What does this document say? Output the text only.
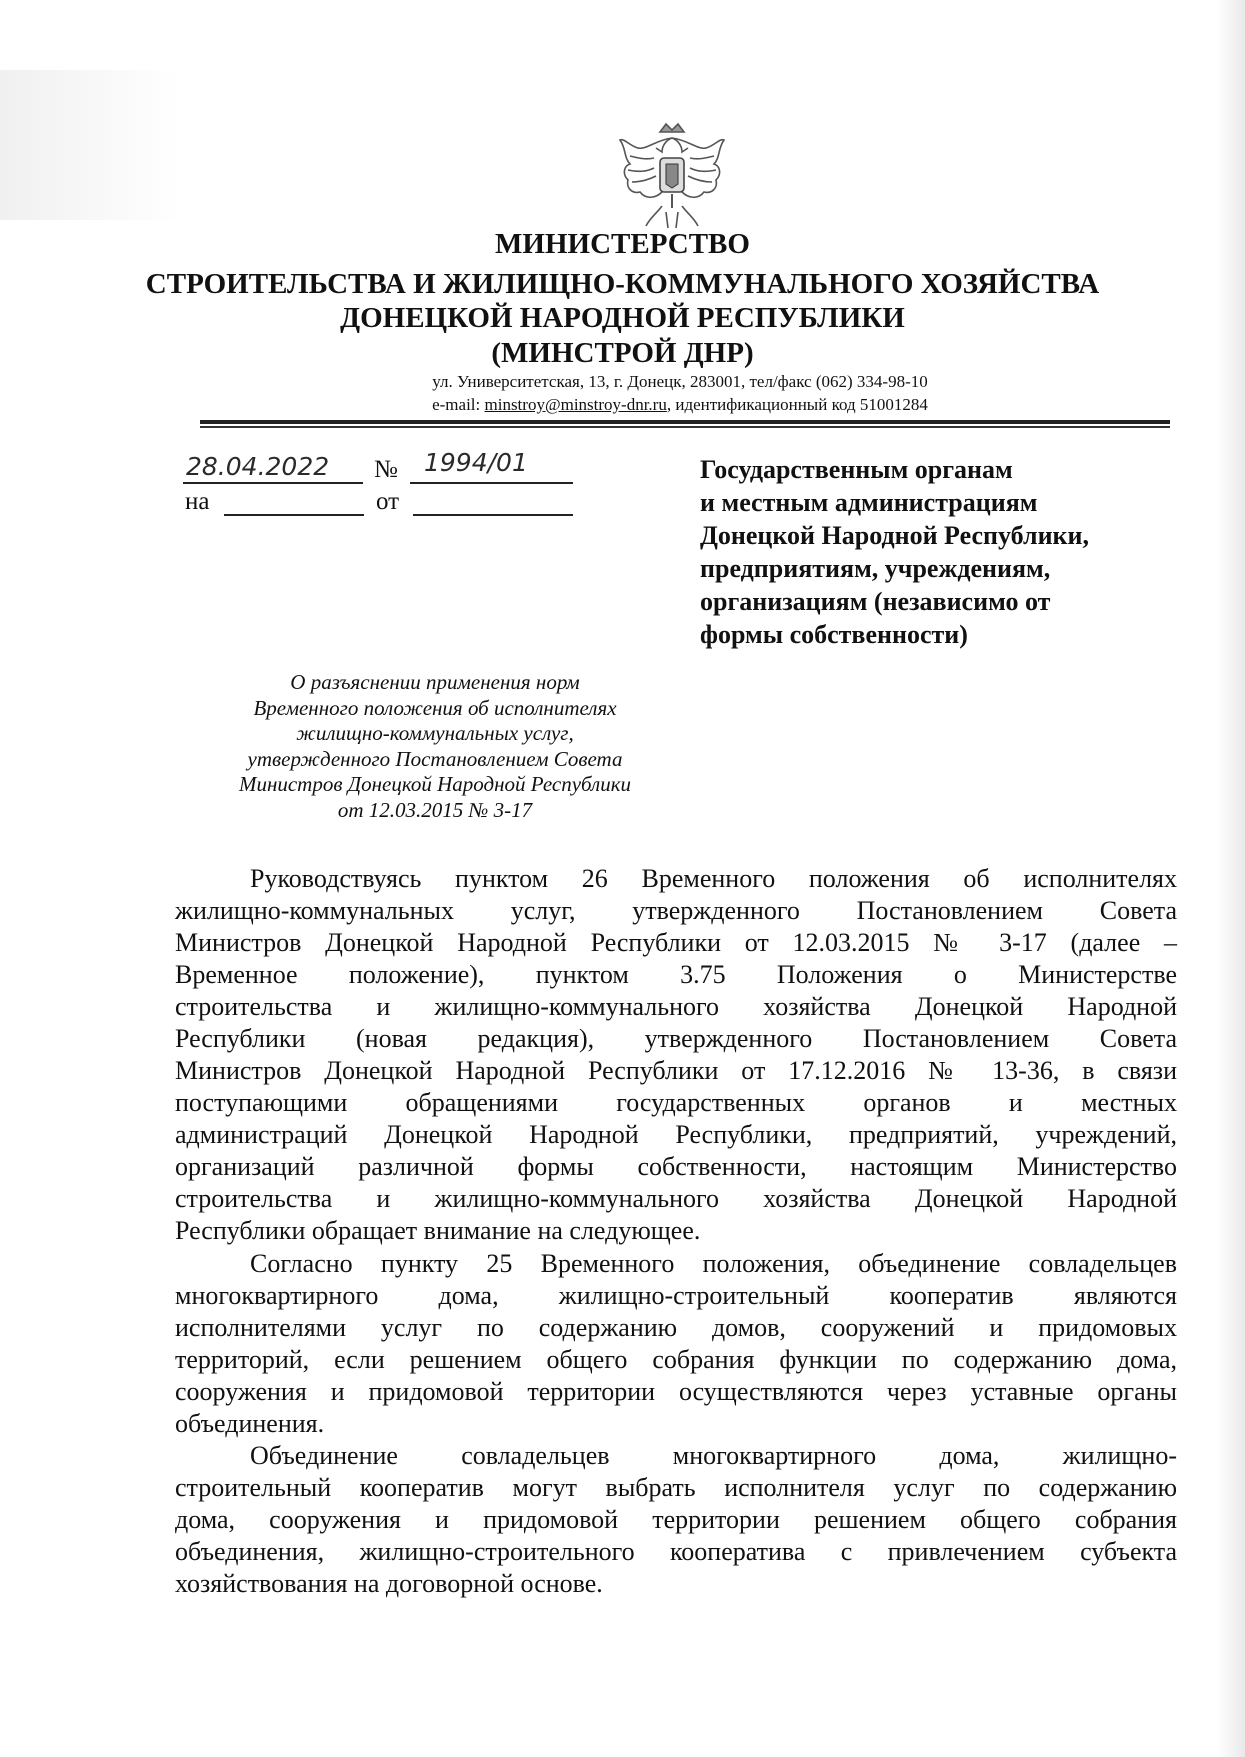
МИНИСТЕРСТВО
СТРОИТЕЛЬСТВА И ЖИЛИЩНО-КОММУНАЛЬНОГО ХОЗЯЙСТВА
ДОНЕЦКОЙ НАРОДНОЙ РЕСПУБЛИКИ
(МИНСТРОЙ ДНР)
ул. Университетская, 13, г. Донецк, 283001, тел/факс (062) 334-98-10
e-mail: minstroy@minstroy-dnr.ru, идентификационный код 51001284
28.04.2022 № 1994/01
на	от
Государственным органам
и местным администрациям
Донецкой Народной Республики,
предприятиям, учреждениям,
организациям (независимо от
формы собственности)
О разъяснении применения норм
Временного положения об исполнителях
жилищно-коммунальных услуг,
утвержденного Постановлением Совета
Министров Донецкой Народной Республики
от 12.03.2015 № 3-17
Руководствуясь пунктом 26 Временного положения об исполнителях
жилищно-коммунальных услуг, утвержденного Постановлением Совета
Министров Донецкой Народной Республики от 12.03.2015 № 3-17 (далее –
Временное положение), пунктом 3.75 Положения о Министерстве
строительства и жилищно-коммунального хозяйства Донецкой Народной
Республики (новая редакция), утвержденного Постановлением Совета
Министров Донецкой Народной Республики от 17.12.2016 № 13-36, в связи
поступающими обращениями государственных органов и местных
администраций Донецкой Народной Республики, предприятий, учреждений,
организаций различной формы собственности, настоящим Министерство
строительства и жилищно-коммунального хозяйства Донецкой Народной
Республики обращает внимание на следующее.
Согласно пункту 25 Временного положения, объединение совладельцев
многоквартирного дома, жилищно-строительный кооператив являются
исполнителями услуг по содержанию домов, сооружений и придомовых
территорий, если решением общего собрания функции по содержанию дома,
сооружения и придомовой территории осуществляются через уставные органы
объединения.
Объединение совладельцев многоквартирного дома, жилищно-
строительный кооператив могут выбрать исполнителя услуг по содержанию
дома, сооружения и придомовой территории решением общего собрания
объединения, жилищно-строительного кооператива с привлечением субъекта
хозяйствования на договорной основе.
